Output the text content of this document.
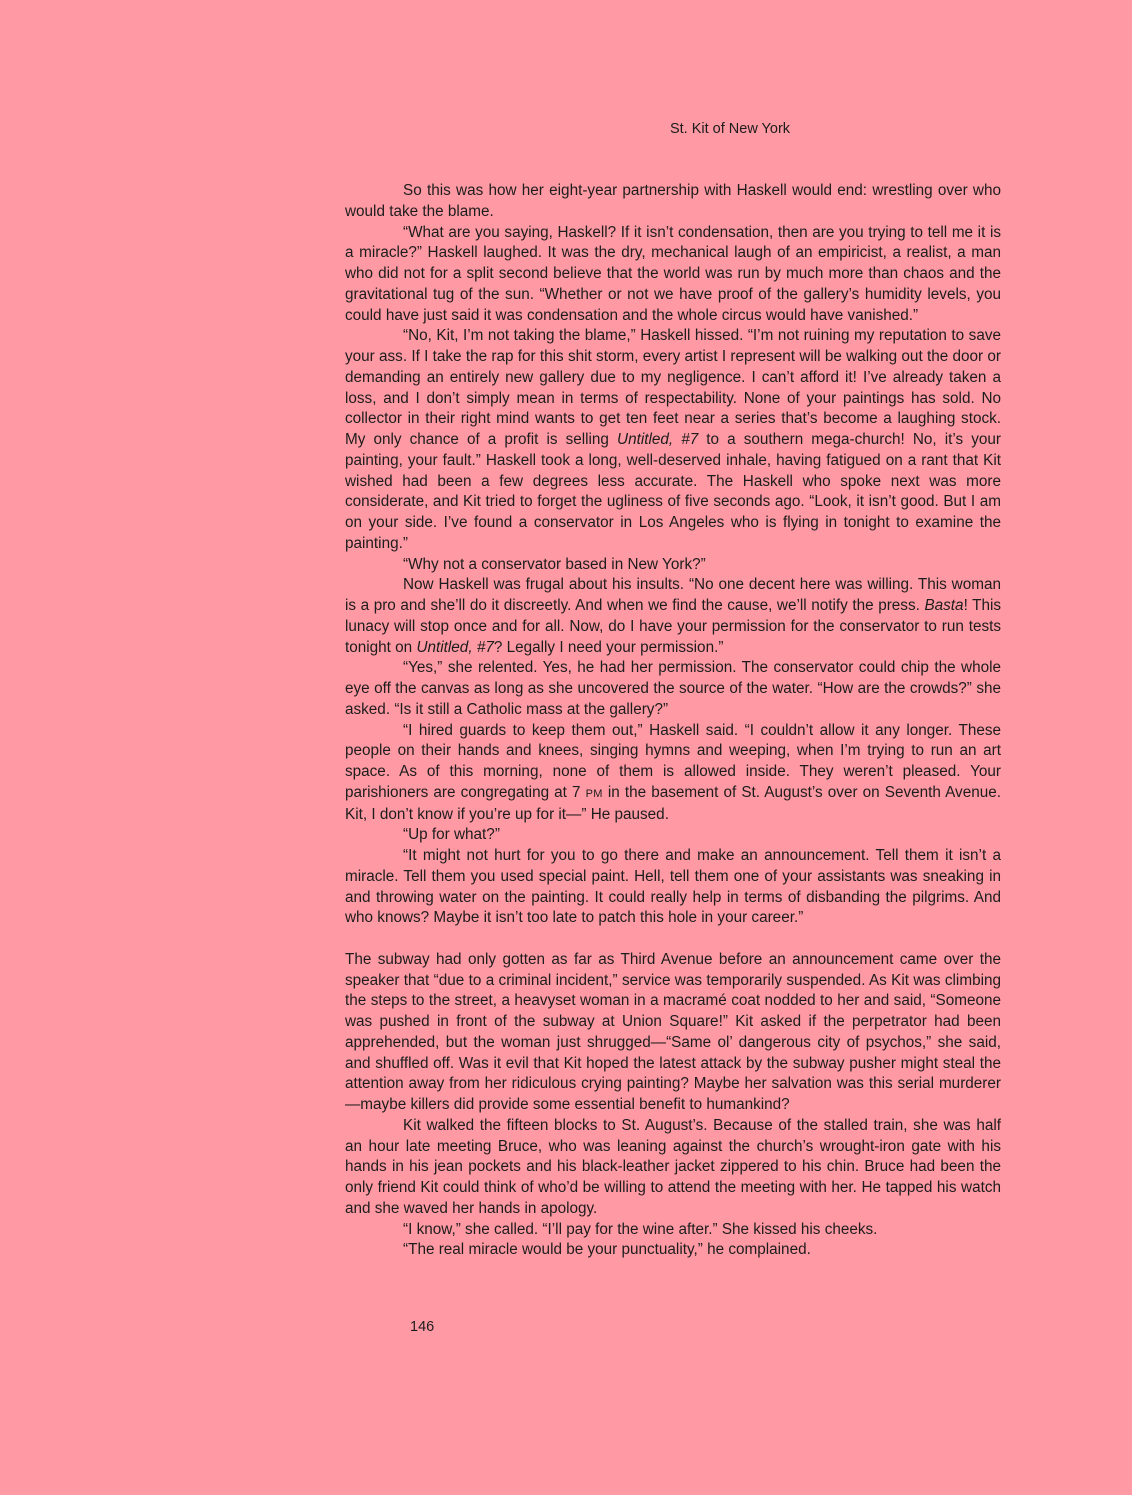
St. Kit of New York

So this was how her eight-year partnership with Haskell would end: wrestling over who would take the blame.

“What are you saying, Haskell? If it isn’t condensation, then are you trying to tell me it is a miracle?” Haskell laughed. It was the dry, mechanical laugh of an empiricist, a realist, a man who did not for a split second believe that the world was run by much more than chaos and the gravitational tug of the sun. “Whether or not we have proof of the gallery’s humidity levels, you could have just said it was condensation and the whole circus would have vanished.”

“No, Kit, I’m not taking the blame,” Haskell hissed. “I’m not ruining my reputation to save your ass. If I take the rap for this shit storm, every artist I represent will be walking out the door or demanding an entirely new gallery due to my negligence. I can’t afford it! I’ve already taken a loss, and I don’t simply mean in terms of respectability. None of your paintings has sold. No collector in their right mind wants to get ten feet near a series that’s become a laughing stock. My only chance of a profit is selling Untitled, #7 to a southern mega-church! No, it’s your painting, your fault.” Haskell took a long, well-deserved inhale, having fatigued on a rant that Kit wished had been a few degrees less accurate. The Haskell who spoke next was more considerate, and Kit tried to forget the ugliness of five seconds ago. “Look, it isn’t good. But I am on your side. I’ve found a conservator in Los Angeles who is flying in tonight to examine the painting.”

“Why not a conservator based in New York?”

Now Haskell was frugal about his insults. “No one decent here was willing. This woman is a pro and she’ll do it discreetly. And when we find the cause, we’ll notify the press. Basta! This lunacy will stop once and for all. Now, do I have your permission for the conservator to run tests tonight on Untitled, #7? Legally I need your permission.”

“Yes,” she relented. Yes, he had her permission. The conservator could chip the whole eye off the canvas as long as she uncovered the source of the water. “How are the crowds?” she asked. “Is it still a Catholic mass at the gallery?”

“I hired guards to keep them out,” Haskell said. “I couldn’t allow it any longer. These people on their hands and knees, singing hymns and weeping, when I’m trying to run an art space. As of this morning, none of them is allowed inside. They weren’t pleased. Your parishioners are congregating at 7 PM in the basement of St. August’s over on Seventh Avenue. Kit, I don’t know if you’re up for it—” He paused.

“Up for what?”

“It might not hurt for you to go there and make an announcement. Tell them it isn’t a miracle. Tell them you used special paint. Hell, tell them one of your assistants was sneaking in and throwing water on the painting. It could really help in terms of disbanding the pilgrims. And who knows? Maybe it isn’t too late to patch this hole in your career.”

The subway had only gotten as far as Third Avenue before an announcement came over the speaker that “due to a criminal incident,” service was temporarily suspended. As Kit was climbing the steps to the street, a heavyset woman in a macramé coat nodded to her and said, “Someone was pushed in front of the subway at Union Square!” Kit asked if the perpetrator had been apprehended, but the woman just shrugged—“Same ol’ dangerous city of psychos,” she said, and shuffled off. Was it evil that Kit hoped the latest attack by the subway pusher might steal the attention away from her ridiculous crying painting? Maybe her salvation was this serial murderer—maybe killers did provide some essential benefit to humankind?

Kit walked the fifteen blocks to St. August’s. Because of the stalled train, she was half an hour late meeting Bruce, who was leaning against the church’s wrought-iron gate with his hands in his jean pockets and his black-leather jacket zippered to his chin. Bruce had been the only friend Kit could think of who’d be willing to attend the meeting with her. He tapped his watch and she waved her hands in apology.

“I know,” she called. “I’ll pay for the wine after.” She kissed his cheeks.

“The real miracle would be your punctuality,” he complained.

146
